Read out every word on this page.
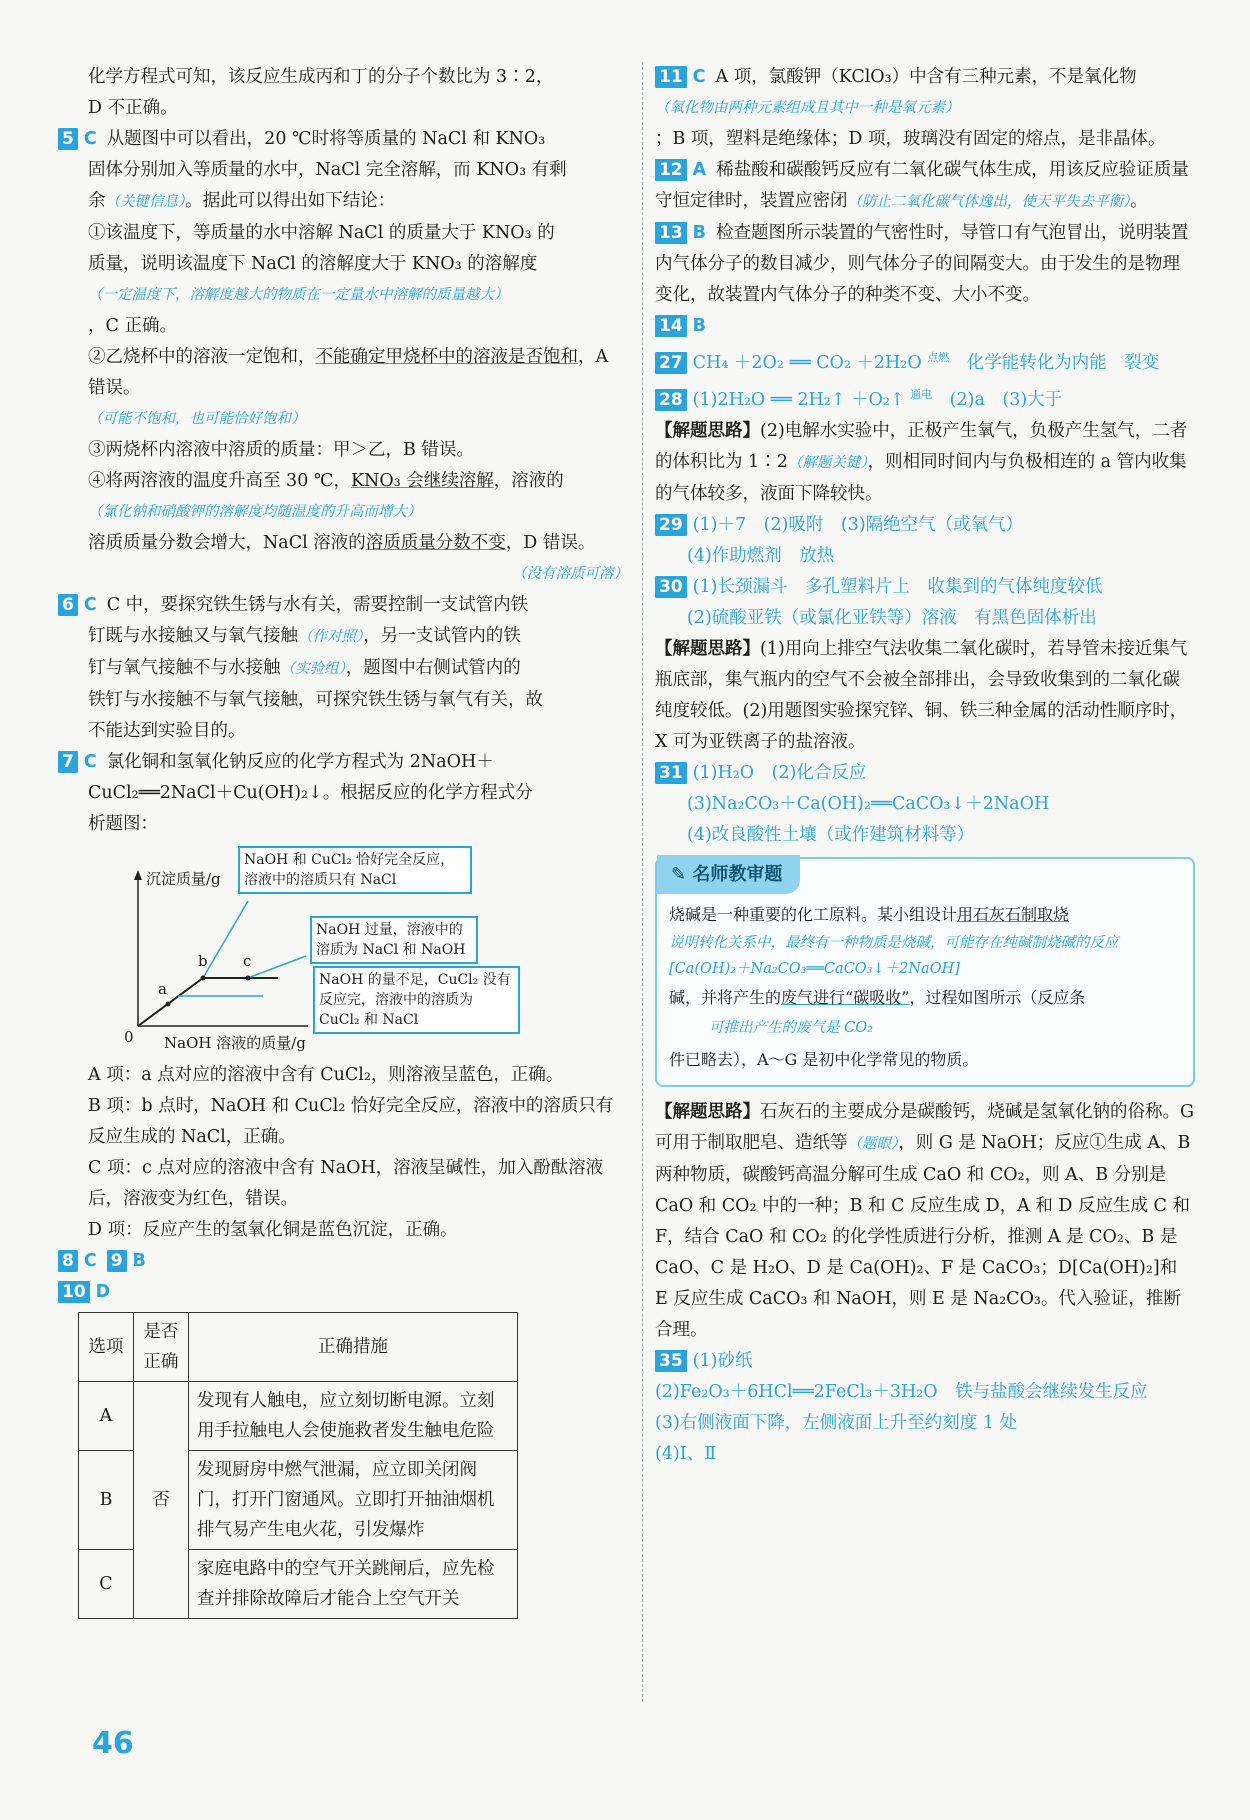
化学方程式可知，该反应生成丙和丁的分子个数比为 3∶2，

D 不正确。

5 C 从题图中可以看出，20 ℃时将等质量的 NaCl 和 KNO₃

固体分别加入等质量的水中，NaCl 完全溶解，而 KNO₃ 有剩

余（关键信息）。据此可以得出如下结论：

①该温度下，等质量的水中溶解 NaCl 的质量大于 KNO₃ 的

质量，说明该温度下 NaCl 的溶解度大于 KNO₃ 的溶解度

（一定温度下，溶解度越大的物质在一定量水中溶解的质量越大）

，C 正确。

②乙烧杯中的溶液一定饱和，不能确定甲烧杯中的溶液是否饱和，A 错误。

（可能不饱和，也可能恰好饱和）

③两烧杯内溶液中溶质的质量：甲＞乙，B 错误。

④将两溶液的温度升高至 30 ℃，KNO₃ 会继续溶解，溶液的

（氯化钠和硝酸钾的溶解度均随温度的升高而增大）

溶质质量分数会增大，NaCl 溶液的溶质质量分数不变，D 错误。

（没有溶质可溶）

6 C C 中，要探究铁生锈与水有关，需要控制一支试管内铁

钉既与水接触又与氧气接触（作对照），另一支试管内的铁

钉与氧气接触不与水接触（实验组），题图中右侧试管内的

铁钉与水接触不与氧气接触，可探究铁生锈与氧气有关，故

不能达到实验目的。

7 C 氯化铜和氢氧化钠反应的化学方程式为 2NaOH＋

CuCl₂══2NaCl＋Cu(OH)₂↓。根据反应的化学方程式分

析题图：

沉淀质量/g
NaOH 溶液的质量/g
0
a
b c
NaOH 和 CuCl₂ 恰好完全反应，溶液中的溶质只有 NaCl
NaOH 过量，溶液中的溶质为 NaCl 和 NaOH
NaOH 的量不足，CuCl₂ 没有反应完，溶液中的溶质为 CuCl₂ 和 NaCl

A 项：a 点对应的溶液中含有 CuCl₂，则溶液呈蓝色，正确。

B 项：b 点时，NaOH 和 CuCl₂ 恰好完全反应，溶液中的溶质只有反应生成的 NaCl，正确。

C 项：c 点对应的溶液中含有 NaOH，溶液呈碱性，加入酚酞溶液后，溶液变为红色，错误。

D 项：反应产生的氢氧化铜是蓝色沉淀，正确。

8 C 9 B

10 D

选项	是否正确	正确措施
A	否	发现有人触电，应立刻切断电源。立刻用手拉触电人会使施救者发生触电危险
B		发现厨房中燃气泄漏，应立即关闭阀门，打开门窗通风。立即打开抽油烟机排气易产生电火花，引发爆炸
C		家庭电路中的空气开关跳闸后，应先检查并排除故障后才能合上空气开关

11 C A 项，氯酸钾（KClO₃）中含有三种元素，不是氧化物

（氧化物由两种元素组成且其中一种是氧元素）

；B 项，塑料是绝缘体；D 项，玻璃没有固定的熔点，是非晶体。

12 A 稀盐酸和碳酸钙反应有二氧化碳气体生成，用该反应验证质量守恒定律时，装置应密闭（防止二氧化碳气体逸出，使天平失去平衡）。

13 B 检查题图所示装置的气密性时，导管口有气泡冒出，说明装置内气体分子的数目减少，则气体分子的间隔变大。由于发生的是物理变化，故装置内气体分子的种类不变、大小不变。

14 B

27 CH₄ ＋2O₂ ══ CO₂ ＋2H₂O $^{点燃}$　 化学能转化为内能　 裂变

28 (1)2H₂O ══ 2H₂↑ ＋O₂↑ $^{通电}$　 (2)a　 (3)大于

【解题思路】(2)电解水实验中，正极产生氧气，负极产生氢气，二者的体积比为 1∶2（解题关键），则相同时间内与负极相连的 a 管内收集的气体较多，液面下降较快。

29 (1)＋7　(2)吸附　(3)隔绝空气（或氧气）

(4)作助燃剂　放热

30 (1)长颈漏斗　多孔塑料片上　收集到的气体纯度较低

(2)硫酸亚铁（或氯化亚铁等）溶液　有黑色固体析出

【解题思路】(1)用向上排空气法收集二氧化碳时，若导管未接近集气瓶底部，集气瓶内的空气不会被全部排出，会导致收集到的二氧化碳纯度较低。(2)用题图实验探究锌、铜、铁三种金属的活动性顺序时，X 可为亚铁离子的盐溶液。

31 (1)H₂O　(2)化合反应

(3)Na₂CO₃＋Ca(OH)₂══CaCO₃↓＋2NaOH

(4)改良酸性土壤（或作建筑材料等）

✎ 名师教审题

烧碱是一种重要的化工原料。某小组设计用石灰石制取烧

说明转化关系中，最终有一种物质是烧碱，可能存在纯碱制烧碱的反应[Ca(OH)₂＋Na₂CO₃══CaCO₃↓＋2NaOH]

碱，并将产生的废气进行“碳吸收”，过程如图所示（反应条

可推出产生的废气是 CO₂

件已略去），A～G 是初中化学常见的物质。

【解题思路】石灰石的主要成分是碳酸钙，烧碱是氢氧化钠的俗称。G 可用于制取肥皂、造纸等（题眼），则 G 是 NaOH；反应①生成 A、B 两种物质，碳酸钙高温分解可生成 CaO 和 CO₂，则 A、B 分别是 CaO 和 CO₂ 中的一种；B 和 C 反应生成 D，A 和 D 反应生成 C 和 F，结合 CaO 和 CO₂ 的化学性质进行分析，推测 A 是 CO₂、B 是 CaO、C 是 H₂O、D 是 Ca(OH)₂、F 是 CaCO₃；D[Ca(OH)₂]和 E 反应生成 CaCO₃ 和 NaOH，则 E 是 Na₂CO₃。代入验证，推断合理。

35 (1)砂纸

(2)Fe₂O₃＋6HCl══2FeCl₃＋3H₂O　铁与盐酸会继续发生反应

(3)右侧液面下降，左侧液面上升至约刻度 1 处

(4)Ⅰ、Ⅱ

46
